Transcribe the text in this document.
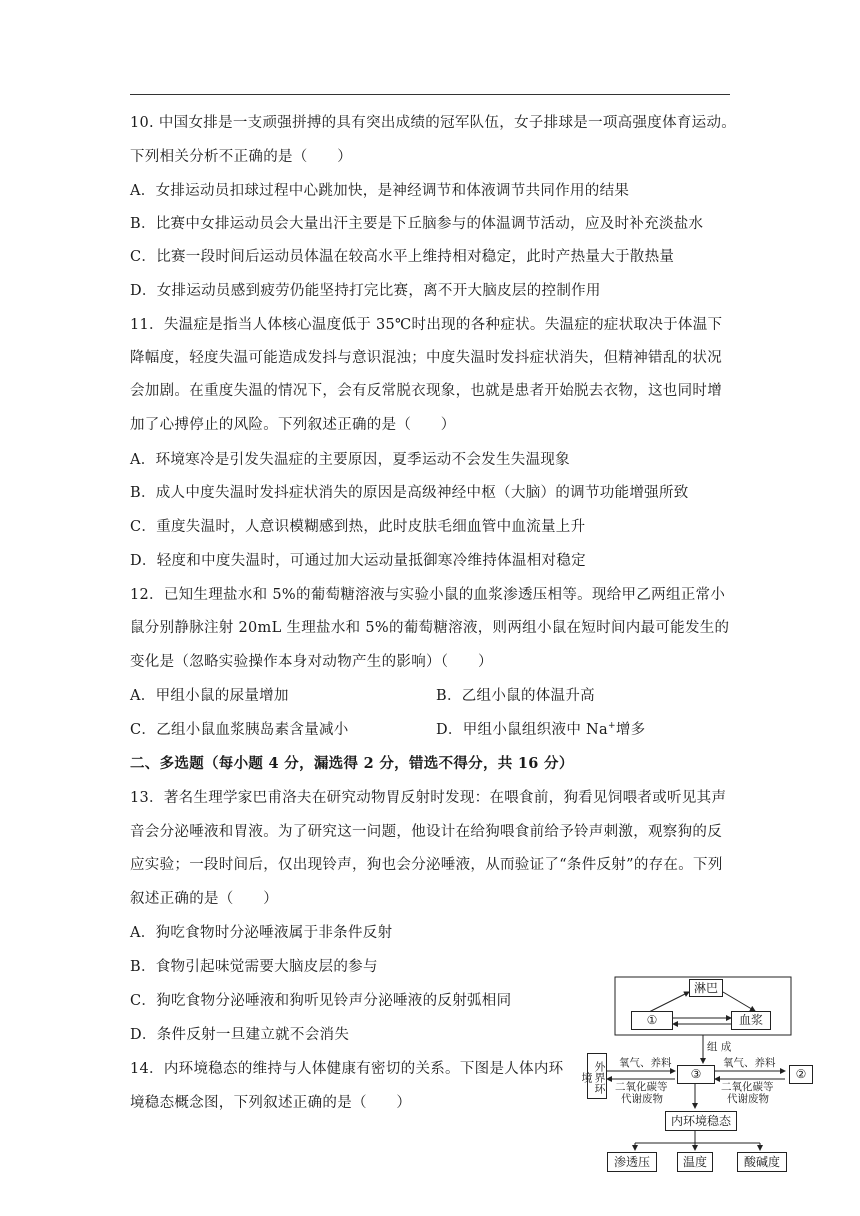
10. 中国女排是一支顽强拼搏的具有突出成绩的冠军队伍，女子排球是一项高强度体育运动。
下列相关分析不正确的是（　　）
A．女排运动员扣球过程中心跳加快，是神经调节和体液调节共同作用的结果
B．比赛中女排运动员会大量出汗主要是下丘脑参与的体温调节活动，应及时补充淡盐水
C．比赛一段时间后运动员体温在较高水平上维持相对稳定，此时产热量大于散热量
D．女排运动员感到疲劳仍能坚持打完比赛，离不开大脑皮层的控制作用
11．失温症是指当人体核心温度低于 35℃时出现的各种症状。失温症的症状取决于体温下
降幅度，轻度失温可能造成发抖与意识混浊；中度失温时发抖症状消失，但精神错乱的状况
会加剧。在重度失温的情况下，会有反常脱衣现象，也就是患者开始脱去衣物，这也同时增
加了心搏停止的风险。下列叙述正确的是（　　）
A．环境寒冷是引发失温症的主要原因，夏季运动不会发生失温现象
B．成人中度失温时发抖症状消失的原因是高级神经中枢（大脑）的调节功能增强所致
C．重度失温时，人意识模糊感到热，此时皮肤毛细血管中血流量上升
D．轻度和中度失温时，可通过加大运动量抵御寒冷维持体温相对稳定
12．已知生理盐水和 5%的葡萄糖溶液与实验小鼠的血浆渗透压相等。现给甲乙两组正常小
鼠分别静脉注射 20mL 生理盐水和 5%的葡萄糖溶液，则两组小鼠在短时间内最可能发生的
变化是（忽略实验操作本身对动物产生的影响）（　　）
A．甲组小鼠的尿量增加	B．乙组小鼠的体温升高
C．乙组小鼠血浆胰岛素含量减小	D．甲组小鼠组织液中 Na+增多
二、多选题（每小题 4 分，漏选得 2 分，错选不得分，共 16 分）
13．著名生理学家巴甫洛夫在研究动物胃反射时发现：在喂食前，狗看见饲喂者或听见其声
音会分泌唾液和胃液。为了研究这一问题，他设计在给狗喂食前给予铃声刺激，观察狗的反
应实验；一段时间后，仅出现铃声，狗也会分泌唾液，从而验证了“条件反射”的存在。下列
叙述正确的是（　　）
A．狗吃食物时分泌唾液属于非条件反射
B．食物引起味觉需要大脑皮层的参与
C．狗吃食物分泌唾液和狗听见铃声分泌唾液的反射弧相同
D．条件反射一旦建立就不会消失
14．内环境稳态的维持与人体健康有密切的关系。下图是人体内环
境稳态概念图，下列叙述正确的是（　　）
淋巴
①	血浆
组 成
外界环境
氧气、养料
二氧化碳等
代谢废物
③
氧气、养料
二氧化碳等
代谢废物
②
内环境稳态
渗透压	温度	酸碱度
